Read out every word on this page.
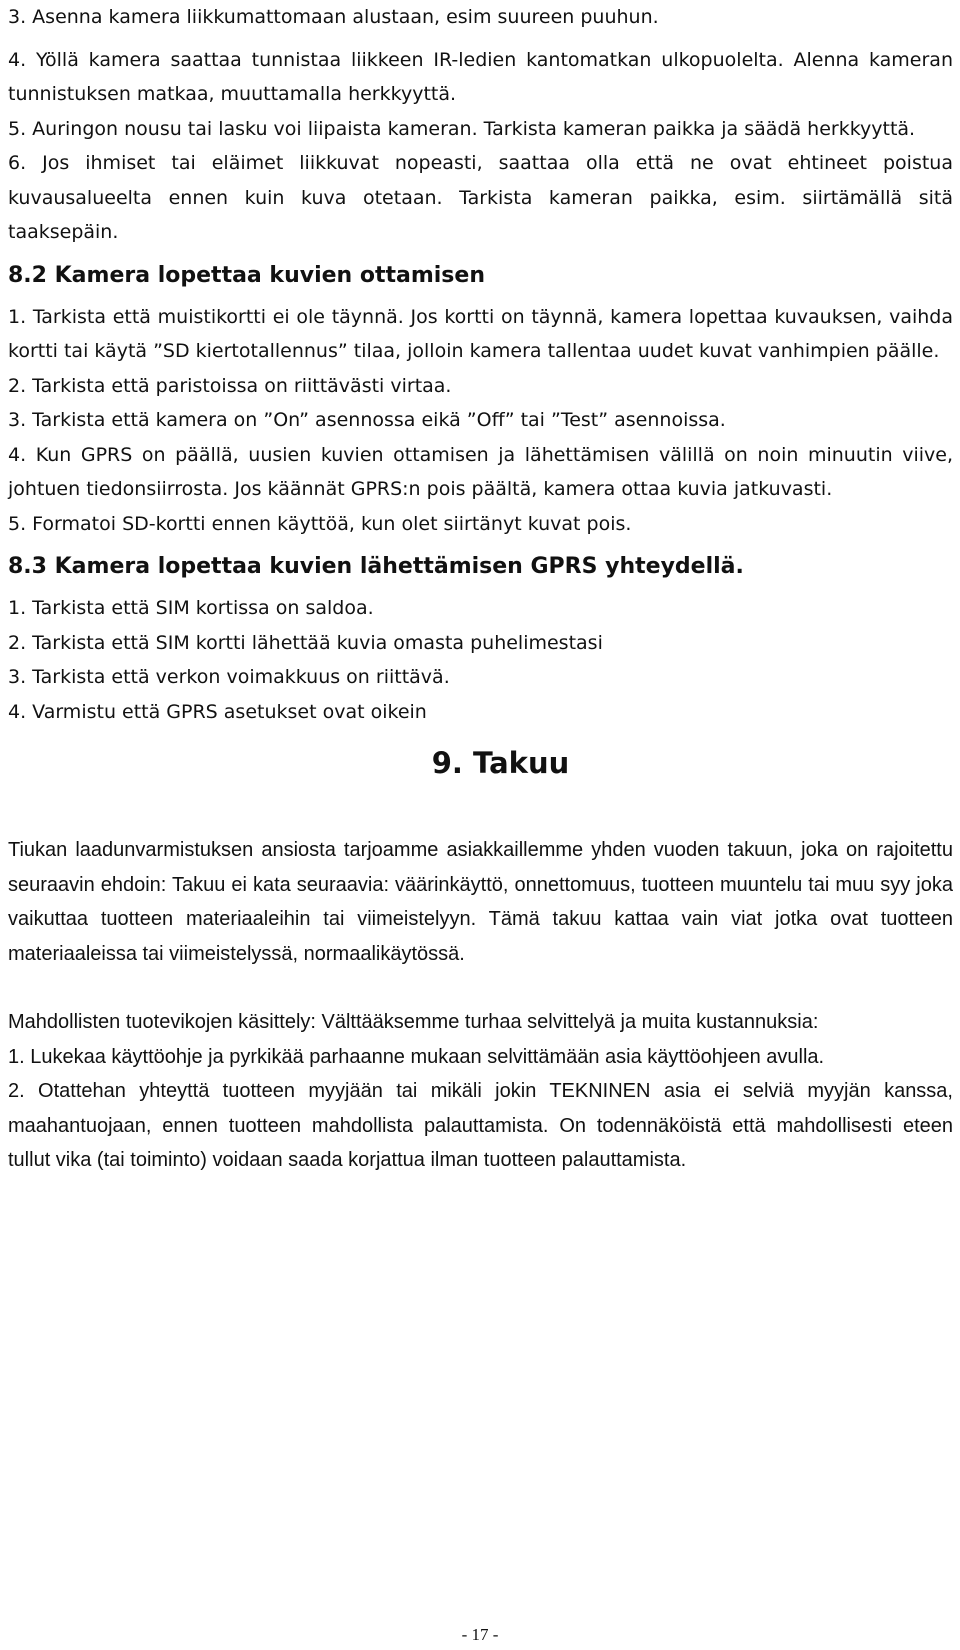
3. Asenna kamera liikkumattomaan alustaan, esim suureen puuhun.

4. Yöllä kamera saattaa tunnistaa liikkeen IR-ledien kantomatkan ulkopuolelta. Alenna kameran tunnistuksen matkaa, muuttamalla herkkyyttä.

5. Auringon nousu tai lasku voi liipaista kameran. Tarkista kameran paikka ja säädä herkkyyttä.

6. Jos ihmiset tai eläimet liikkuvat nopeasti, saattaa olla että ne ovat ehtineet poistua kuvausalueelta ennen kuin kuva otetaan. Tarkista kameran paikka, esim. siirtämällä sitä taaksepäin.

8.2 Kamera lopettaa kuvien ottamisen

1. Tarkista että muistikortti ei ole täynnä. Jos kortti on täynnä, kamera lopettaa kuvauksen, vaihda kortti tai käytä ”SD kiertotallennus” tilaa, jolloin kamera tallentaa uudet kuvat vanhimpien päälle.

2. Tarkista että paristoissa on riittävästi virtaa.

3. Tarkista että kamera on ”On” asennossa eikä ”Off” tai ”Test” asennoissa.

4. Kun GPRS on päällä, uusien kuvien ottamisen ja lähettämisen välillä on noin minuutin viive, johtuen tiedonsiirrosta. Jos käännät GPRS:n pois päältä, kamera ottaa kuvia jatkuvasti.

5. Formatoi SD-kortti ennen käyttöä, kun olet siirtänyt kuvat pois.

8.3 Kamera lopettaa kuvien lähettämisen GPRS yhteydellä.

1. Tarkista että SIM kortissa on saldoa.

2. Tarkista että SIM kortti lähettää kuvia omasta puhelimestasi

3. Tarkista että verkon voimakkuus on riittävä.

4. Varmistu että GPRS asetukset ovat oikein

9. Takuu

Tiukan laadunvarmistuksen ansiosta tarjoamme asiakkaillemme yhden vuoden takuun, joka on rajoitettu seuraavin ehdoin: Takuu ei kata seuraavia: väärinkäyttö, onnettomuus, tuotteen muuntelu tai muu syy joka vaikuttaa tuotteen materiaaleihin tai viimeistelyyn. Tämä takuu kattaa vain viat jotka ovat tuotteen materiaaleissa tai viimeistelyssä, normaalikäytössä.

Mahdollisten tuotevikojen käsittely: Välttääksemme turhaa selvittelyä ja muita kustannuksia:

1. Lukekaa käyttöohje ja pyrkikää parhaanne mukaan selvittämään asia käyttöohjeen avulla.

2. Otattehan yhteyttä tuotteen myyjään tai mikäli jokin TEKNINEN asia ei selviä myyjän kanssa, maahantuojaan, ennen tuotteen mahdollista palauttamista. On todennäköistä että mahdollisesti eteen tullut vika (tai toiminto) voidaan saada korjattua ilman tuotteen palauttamista.

- 17 -
